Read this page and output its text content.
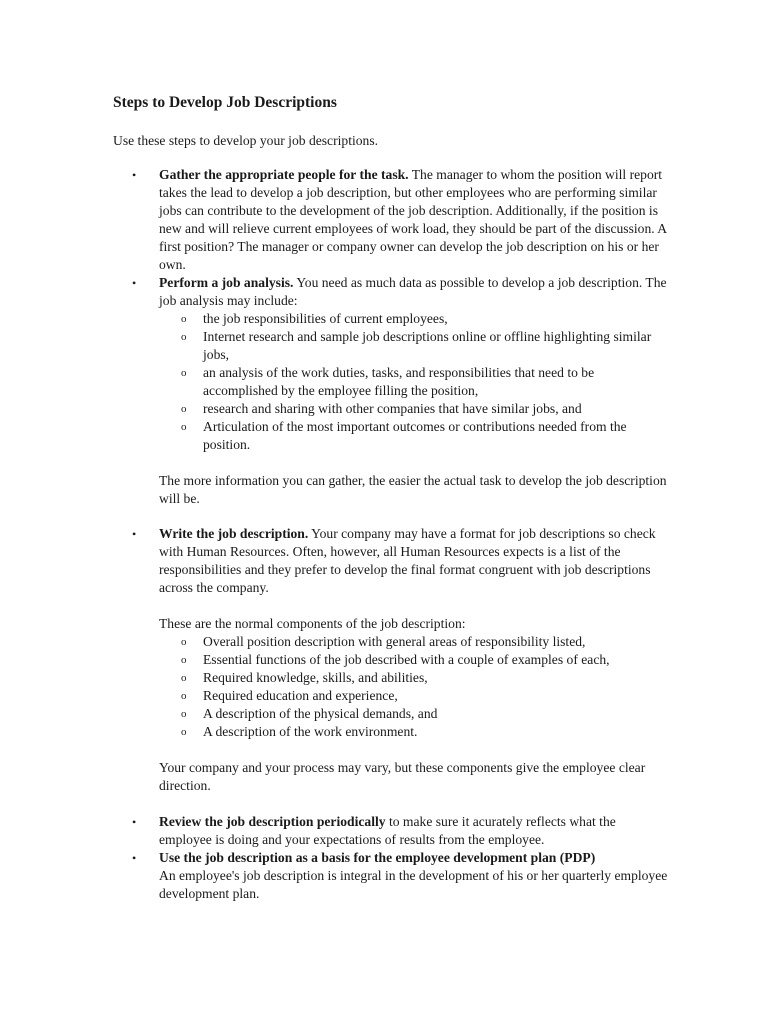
Steps to Develop Job Descriptions

Use these steps to develop your job descriptions.

• Gather the appropriate people for the task. The manager to whom the position will report takes the lead to develop a job description, but other employees who are performing similar jobs can contribute to the development of the job description. Additionally, if the position is new and will relieve current employees of work load, they should be part of the discussion. A first position? The manager or company owner can develop the job description on his or her own.
• Perform a job analysis. You need as much data as possible to develop a job description. The job analysis may include:
o the job responsibilities of current employees,
o Internet research and sample job descriptions online or offline highlighting similar jobs,
o an analysis of the work duties, tasks, and responsibilities that need to be accomplished by the employee filling the position,
o research and sharing with other companies that have similar jobs, and
o Articulation of the most important outcomes or contributions needed from the position.

The more information you can gather, the easier the actual task to develop the job description will be.

• Write the job description. Your company may have a format for job descriptions so check with Human Resources. Often, however, all Human Resources expects is a list of the responsibilities and they prefer to develop the final format congruent with job descriptions across the company.

These are the normal components of the job description:

o Overall position description with general areas of responsibility listed,
o Essential functions of the job described with a couple of examples of each,
o Required knowledge, skills, and abilities,
o Required education and experience,
o A description of the physical demands, and
o A description of the work environment.

Your company and your process may vary, but these components give the employee clear direction.

• Review the job description periodically to make sure it acurately reflects what the employee is doing and your expectations of results from the employee.
• Use the job description as a basis for the employee development plan (PDP)
An employee's job description is integral in the development of his or her quarterly employee development plan.
